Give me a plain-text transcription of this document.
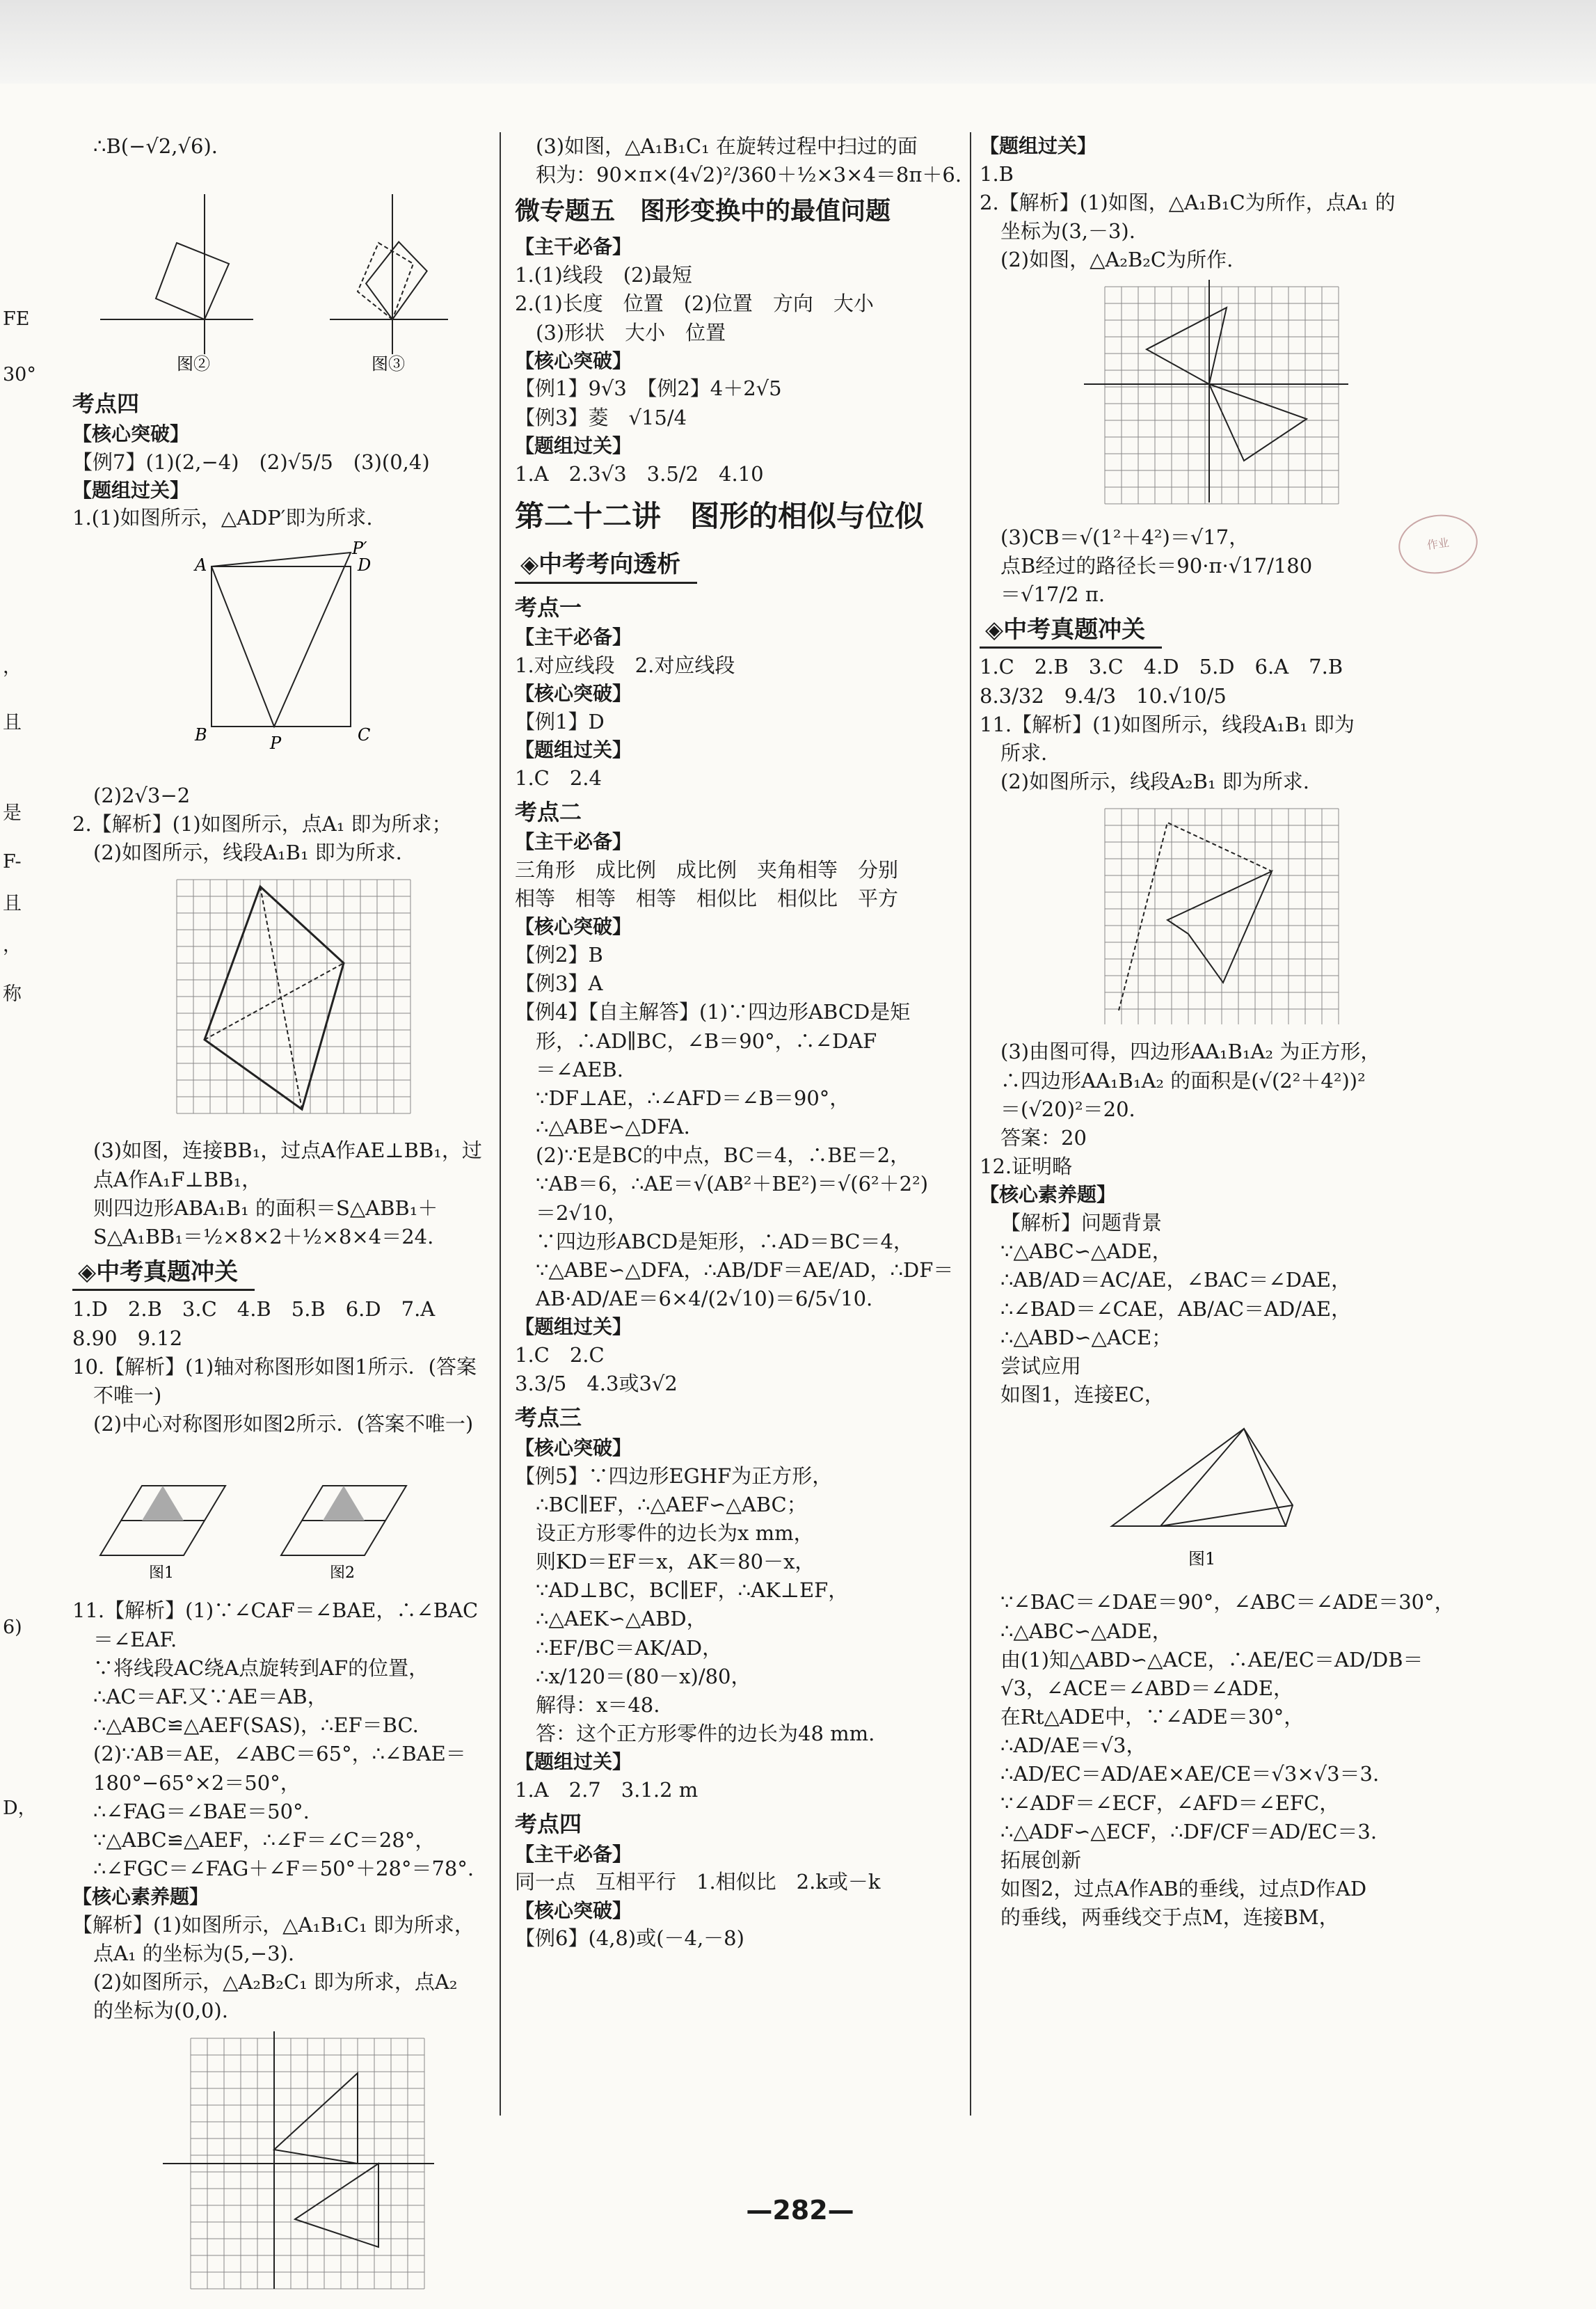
FE
30°
，
且
是
F-
且
，
称
6)
D，
∴B(−√2,√6).
图②	图③
考点四
【核心突破】
【例7】(1)(2,−4)　(2)√5/5　(3)(0,4)
【题组过关】
1.(1)如图所示，△ADP′即为所求.
A	D
B	C
P
P′
(2)2√3−2
2.【解析】(1)如图所示，点A₁ 即为所求；
(2)如图所示，线段A₁B₁ 即为所求．
(3)如图，连接BB₁，过点A作AE⊥BB₁，过
点A作A₁F⊥BB₁，
则四边形ABA₁B₁ 的面积＝S△ABB₁＋
S△A₁BB₁＝½×8×2＋½×8×4＝24.
◈ 中考真题冲关
1.D　2.B　3.C　4.B　5.B　6.D　7.A
8.90　9.12
10.【解析】(1)轴对称图形如图1所示．(答案
不唯一)
(2)中心对称图形如图2所示．(答案不唯一)
图1	图2
11.【解析】(1)∵∠CAF＝∠BAE，∴∠BAC
＝∠EAF.
∵将线段AC绕A点旋转到AF的位置，
∴AC＝AF.又∵AE＝AB，
∴△ABC≌△AEF(SAS)，∴EF＝BC.
(2)∵AB＝AE，∠ABC＝65°，∴∠BAE＝
180°−65°×2＝50°，
∴∠FAG＝∠BAE＝50°.
∵△ABC≌△AEF，∴∠F＝∠C＝28°，
∴∠FGC＝∠FAG＋∠F＝50°＋28°＝78°.
【核心素养题】
【解析】(1)如图所示，△A₁B₁C₁ 即为所求，
点A₁ 的坐标为(5,−3).
(2)如图所示，△A₂B₂C₁ 即为所求，点A₂
的坐标为(0,0).
(3)如图，△A₁B₁C₁ 在旋转过程中扫过的面
积为：90×π×(4√2)²/360＋½×3×4＝8π＋6.
微专题五　图形变换中的最值问题
【主干必备】
1.(1)线段　(2)最短
2.(1)长度　位置　(2)位置　方向　大小
(3)形状　大小　位置
【核心突破】
【例1】9√3　【例2】4＋2√5
【例3】菱　√15/4
【题组过关】
1.A　2.3√3　3.5/2　4.10
第二十二讲　图形的相似与位似
◈ 中考考向透析
考点一
【主干必备】
1.对应线段　2.对应线段
【核心突破】
【例1】D
【题组过关】
1.C　2.4
考点二
【主干必备】
三角形　成比例　成比例　夹角相等　分别
相等　相等　相等　相似比　相似比　平方
【核心突破】
【例2】B
【例3】A
【例4】【自主解答】(1)∵四边形ABCD是矩
形，∴AD∥BC，∠B＝90°，∴∠DAF
＝∠AEB.
∵DF⊥AE，∴∠AFD＝∠B＝90°，
∴△ABE∽△DFA.
(2)∵E是BC的中点，BC＝4，∴BE＝2，
∵AB＝6，∴AE＝√(AB²＋BE²)＝√(6²＋2²)
＝2√10，
∵四边形ABCD是矩形，∴AD＝BC＝4，
∵△ABE∽△DFA，∴AB/DF＝AE/AD，∴DF＝
AB·AD/AE＝6×4/(2√10)＝6/5√10.
【题组过关】
1.C　2.C
3.3/5　4.3或3√2
考点三
【核心突破】
【例5】∵四边形EGHF为正方形，
∴BC∥EF，∴△AEF∽△ABC；
设正方形零件的边长为x mm，
则KD＝EF＝x，AK＝80－x，
∵AD⊥BC，BC∥EF，∴AK⊥EF，
∴△AEK∽△ABD，
∴EF/BC＝AK/AD，
∴x/120＝(80－x)/80，
解得：x＝48.
答：这个正方形零件的边长为48 mm.
【题组过关】
1.A　2.7　3.1.2 m
考点四
【主干必备】
同一点　互相平行　1.相似比　2.k或－k
【核心突破】
【例6】(4,8)或(－4,－8)
【题组过关】
1.B
2.【解析】(1)如图，△A₁B₁C为所作，点A₁ 的
坐标为(3,－3).
(2)如图，△A₂B₂C为所作.
(3)CB＝√(1²＋4²)＝√17，
点B经过的路径长＝90·π·√17/180
＝√17/2 π.
◈ 中考真题冲关
1.C　2.B　3.C　4.D　5.D　6.A　7.B
8.3/32　9.4/3　10.√10/5
11.【解析】(1)如图所示，线段A₁B₁ 即为
所求.
(2)如图所示，线段A₂B₁ 即为所求.
(3)由图可得，四边形AA₁B₁A₂ 为正方形，
∴四边形AA₁B₁A₂ 的面积是(√(2²＋4²))²
＝(√20)²＝20.
答案：20
12.证明略
【核心素养题】
【解析】问题背景
∵△ABC∽△ADE，
∴AB/AD＝AC/AE，∠BAC＝∠DAE，
∴∠BAD＝∠CAE，AB/AC＝AD/AE，
∴△ABD∽△ACE；
尝试应用
如图1，连接EC，
图1
∵∠BAC＝∠DAE＝90°，∠ABC＝∠ADE＝30°，
∴△ABC∽△ADE，
由(1)知△ABD∽△ACE，∴AE/EC＝AD/DB＝
√3，∠ACE＝∠ABD＝∠ADE，
在Rt△ADE中，∵∠ADE＝30°，
∴AD/AE＝√3，
∴AD/EC＝AD/AE×AE/CE＝√3×√3＝3.
∵∠ADF＝∠ECF，∠AFD＝∠EFC，
∴△ADF∽△ECF，∴DF/CF＝AD/EC＝3.
拓展创新
如图2，过点A作AB的垂线，过点D作AD
的垂线，两垂线交于点M，连接BM，
作业
—282—
